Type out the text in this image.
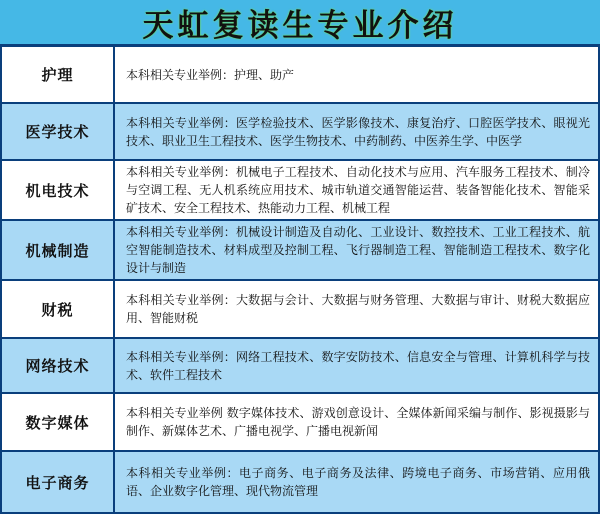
天虹复读生专业介绍
护理	本科相关专业举例：护理、助产
医学技术
本科相关专业举例：医学检验技术、医学影像技术、康复治疗、口腔医学技术、眼视光技术、职业卫生工程技术、医学生物技术、中药制药、中医养生学、中医学
机电技术
本科相关专业举例：机械电子工程技术、自动化技术与应用、汽车服务工程技术、制冷与空调工程、无人机系统应用技术、城市轨道交通智能运营、装备智能化技术、智能采矿技术、安全工程技术、热能动力工程、机械工程
机械制造
本科相关专业举例：机械设计制造及自动化、工业设计、数控技术、工业工程技术、航空智能制造技术、材料成型及控制工程、飞行器制造工程、智能制造工程技术、数字化设计与制造
财税
本科相关专业举例：大数据与会计、大数据与财务管理、大数据与审计、财税大数据应用、智能财税
网络技术
本科相关专业举例：网络工程技术、数字安防技术、信息安全与管理、计算机科学与技术、软件工程技术
数字媒体
本科相关专业举例 数字媒体技术、游戏创意设计、全媒体新闻采编与制作、影视摄影与制作、新媒体艺术、广播电视学、广播电视新闻
电子商务
本科相关专业举例：电子商务、电子商务及法律、跨境电子商务、市场营销、应用俄语、企业数字化管理、现代物流管理
